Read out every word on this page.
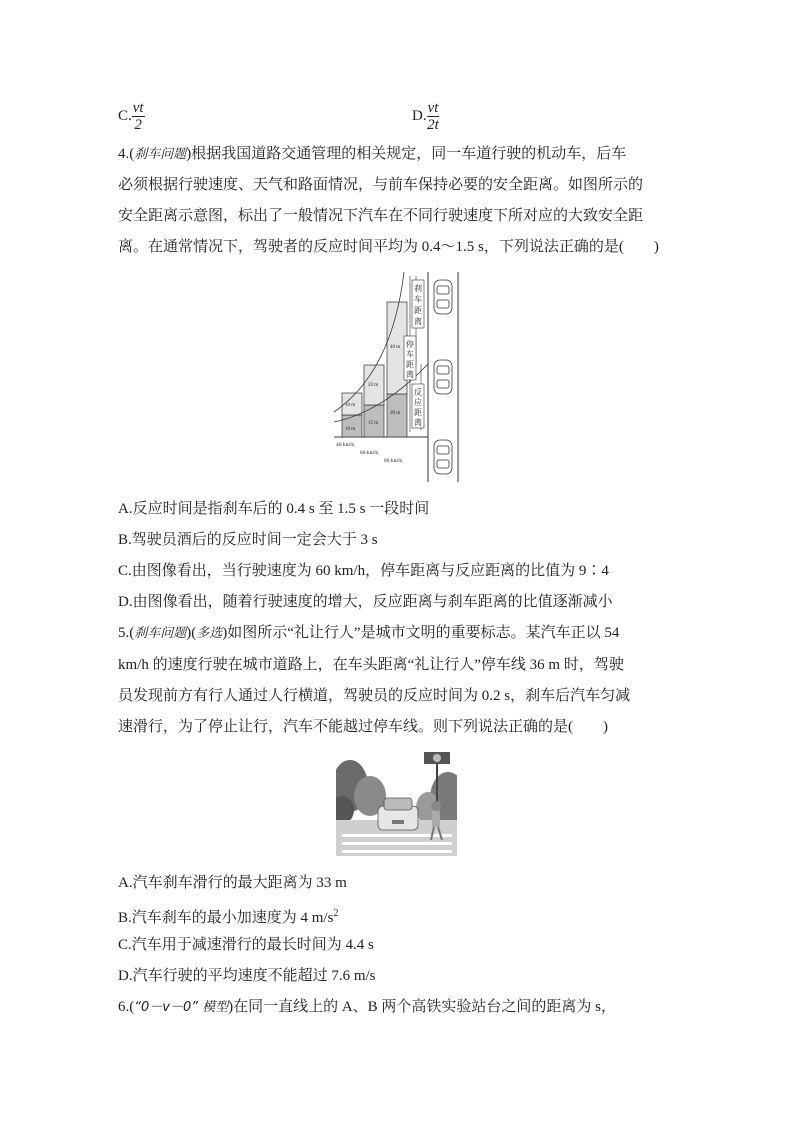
C. $\frac{vt}{2}$	D. $\frac{vt}{2t}$
4.(刹车问题)根据我国道路交通管理的相关规定，同一车道行驶的机动车，后车
必须根据行驶速度、天气和路面情况，与前车保持必要的安全距离。如图所示的
安全距离示意图，标出了一般情况下汽车在不同行驶速度下所对应的大致安全距
离。在通常情况下，驾驶者的反应时间平均为 0.4～1.5 s，下列说法正确的是(　　)
10 m
10 m
15 m
20 m
20 m
40 m
刹
车
距
离
停
车
距
离
反
应
距
离
40 km/h
60 km/h
80 km/h
A.反应时间是指刹车后的 0.4 s 至 1.5 s 一段时间
B.驾驶员酒后的反应时间一定会大于 3 s
C.由图像看出，当行驶速度为 60 km/h，停车距离与反应距离的比值为 9∶4
D.由图像看出，随着行驶速度的增大，反应距离与刹车距离的比值逐渐减小
5.(刹车问题)(多选)如图所示“礼让行人”是城市文明的重要标志。某汽车正以 54
km/h 的速度行驶在城市道路上，在车头距离“礼让行人”停车线 36 m 时，驾驶
员发现前方有行人通过人行横道，驾驶员的反应时间为 0.2 s，刹车后汽车匀减
速滑行，为了停止让行，汽车不能越过停车线。则下列说法正确的是(　　)
A.汽车刹车滑行的最大距离为 33 m
B.汽车刹车的最小加速度为 4 $m/s^2$
C.汽车用于减速滑行的最长时间为 4.4 s
D.汽车行驶的平均速度不能超过 7.6 m/s
6.(“0－v－0” 模型)在同一直线上的 A、B 两个高铁实验站台之间的距离为 s，
